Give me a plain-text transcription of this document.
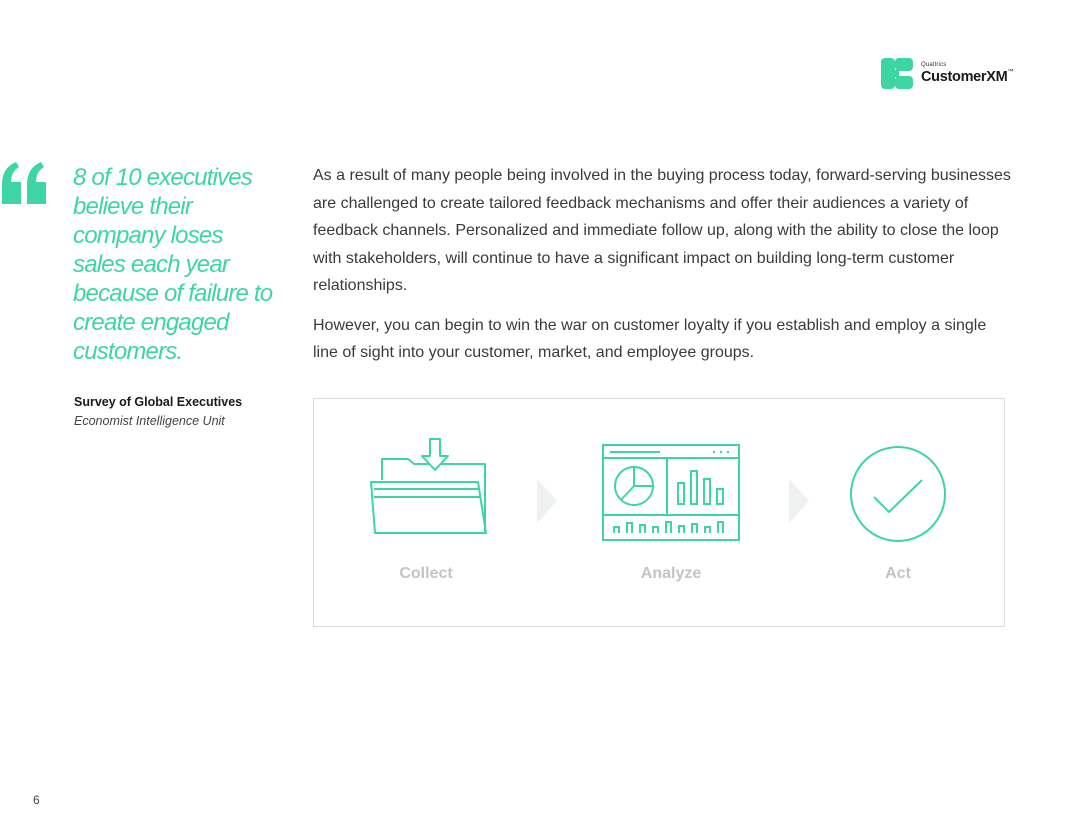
Qualtrics
CustomerXM™
8 of 10 executives believe their company loses sales each year because of failure to create engaged customers.
Survey of Global Executives
Economist Intelligence Unit

As a result of many people being involved in the buying process today, forward-serving businesses are challenged to create tailored feedback mechanisms and offer their audiences a variety of feedback channels. Personalized and immediate follow up, along with the ability to close the loop with stakeholders, will continue to have a significant impact on building long-term customer relationships.

However, you can begin to win the war on customer loyalty if you establish and employ a single line of sight into your customer, market, and employee groups.

Collect	Analyze	Act
6
